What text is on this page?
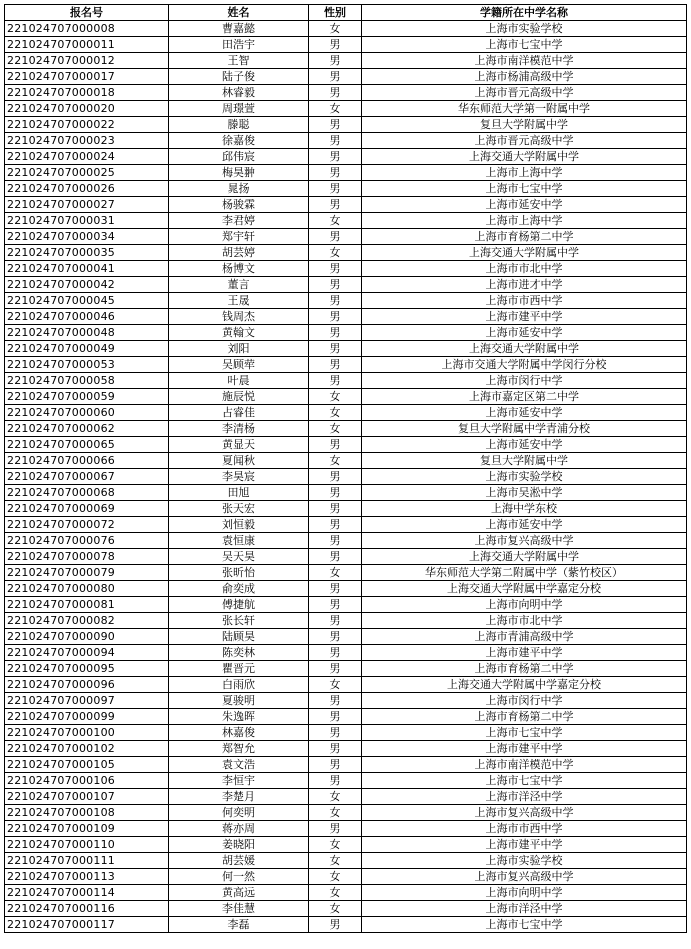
报名号	姓名	性别	学籍所在中学名称
221024707000008	曹嘉懿	女	上海市实验学校
221024707000011	田浩宇	男	上海市七宝中学
221024707000012	王智	男	上海市南洋模范中学
221024707000017	陆子俊	男	上海市杨浦高级中学
221024707000018	林睿毅	男	上海市晋元高级中学
221024707000020	周璟萱	女	华东师范大学第一附属中学
221024707000022	滕聪	男	复旦大学附属中学
221024707000023	徐嘉俊	男	上海市晋元高级中学
221024707000024	邱伟宸	男	上海交通大学附属中学
221024707000025	梅昊翀	男	上海市上海中学
221024707000026	晁扬	男	上海市七宝中学
221024707000027	杨骏霖	男	上海市延安中学
221024707000031	李君婷	女	上海市上海中学
221024707000034	郑宇轩	男	上海市育杨第二中学
221024707000035	胡芸婷	女	上海交通大学附属中学
221024707000041	杨博文	男	上海市市北中学
221024707000042	董言	男	上海市进才中学
221024707000045	王晟	男	上海市市西中学
221024707000046	钱周杰	男	上海市建平中学
221024707000048	黄翰文	男	上海市延安中学
221024707000049	刘阳	男	上海交通大学附属中学
221024707000053	吴顾荦	男	上海市交通大学附属中学闵行分校
221024707000058	叶晨	男	上海市闵行中学
221024707000059	施辰悦	女	上海市嘉定区第二中学
221024707000060	占睿佳	女	上海市延安中学
221024707000062	李清杨	女	复旦大学附属中学青浦分校
221024707000065	黄显天	男	上海市延安中学
221024707000066	夏闻秋	女	复旦大学附属中学
221024707000067	李昊宸	男	上海市实验学校
221024707000068	田旭	男	上海市吴淞中学
221024707000069	张天宏	男	上海中学东校
221024707000072	刘恒毅	男	上海市延安中学
221024707000076	袁恒康	男	上海市复兴高级中学
221024707000078	吴天昊	男	上海交通大学附属中学
221024707000079	张昕怡	女	华东师范大学第二附属中学（紫竹校区）
221024707000080	俞奕成	男	上海交通大学附属中学嘉定分校
221024707000081	傅捷航	男	上海市向明中学
221024707000082	张长轩	男	上海市市北中学
221024707000090	陆顾昊	男	上海市青浦高级中学
221024707000094	陈奕林	男	上海市建平中学
221024707000095	瞿晋元	男	上海市育杨第二中学
221024707000096	白雨欣	女	上海交通大学附属中学嘉定分校
221024707000097	夏骏明	男	上海市闵行中学
221024707000099	朱逸晖	男	上海市育杨第二中学
221024707000100	林嘉俊	男	上海市七宝中学
221024707000102	郑智允	男	上海市建平中学
221024707000105	袁文浩	男	上海市南洋模范中学
221024707000106	李恒宇	男	上海市七宝中学
221024707000107	李楚月	女	上海市洋泾中学
221024707000108	何奕明	女	上海市复兴高级中学
221024707000109	蒋亦周	男	上海市市西中学
221024707000110	姜晓阳	女	上海市建平中学
221024707000111	胡芸媛	女	上海市实验学校
221024707000113	何一然	女	上海市复兴高级中学
221024707000114	黄高远	女	上海市向明中学
221024707000116	李佳慧	女	上海市洋泾中学
221024707000117	李磊	男	上海市七宝中学
